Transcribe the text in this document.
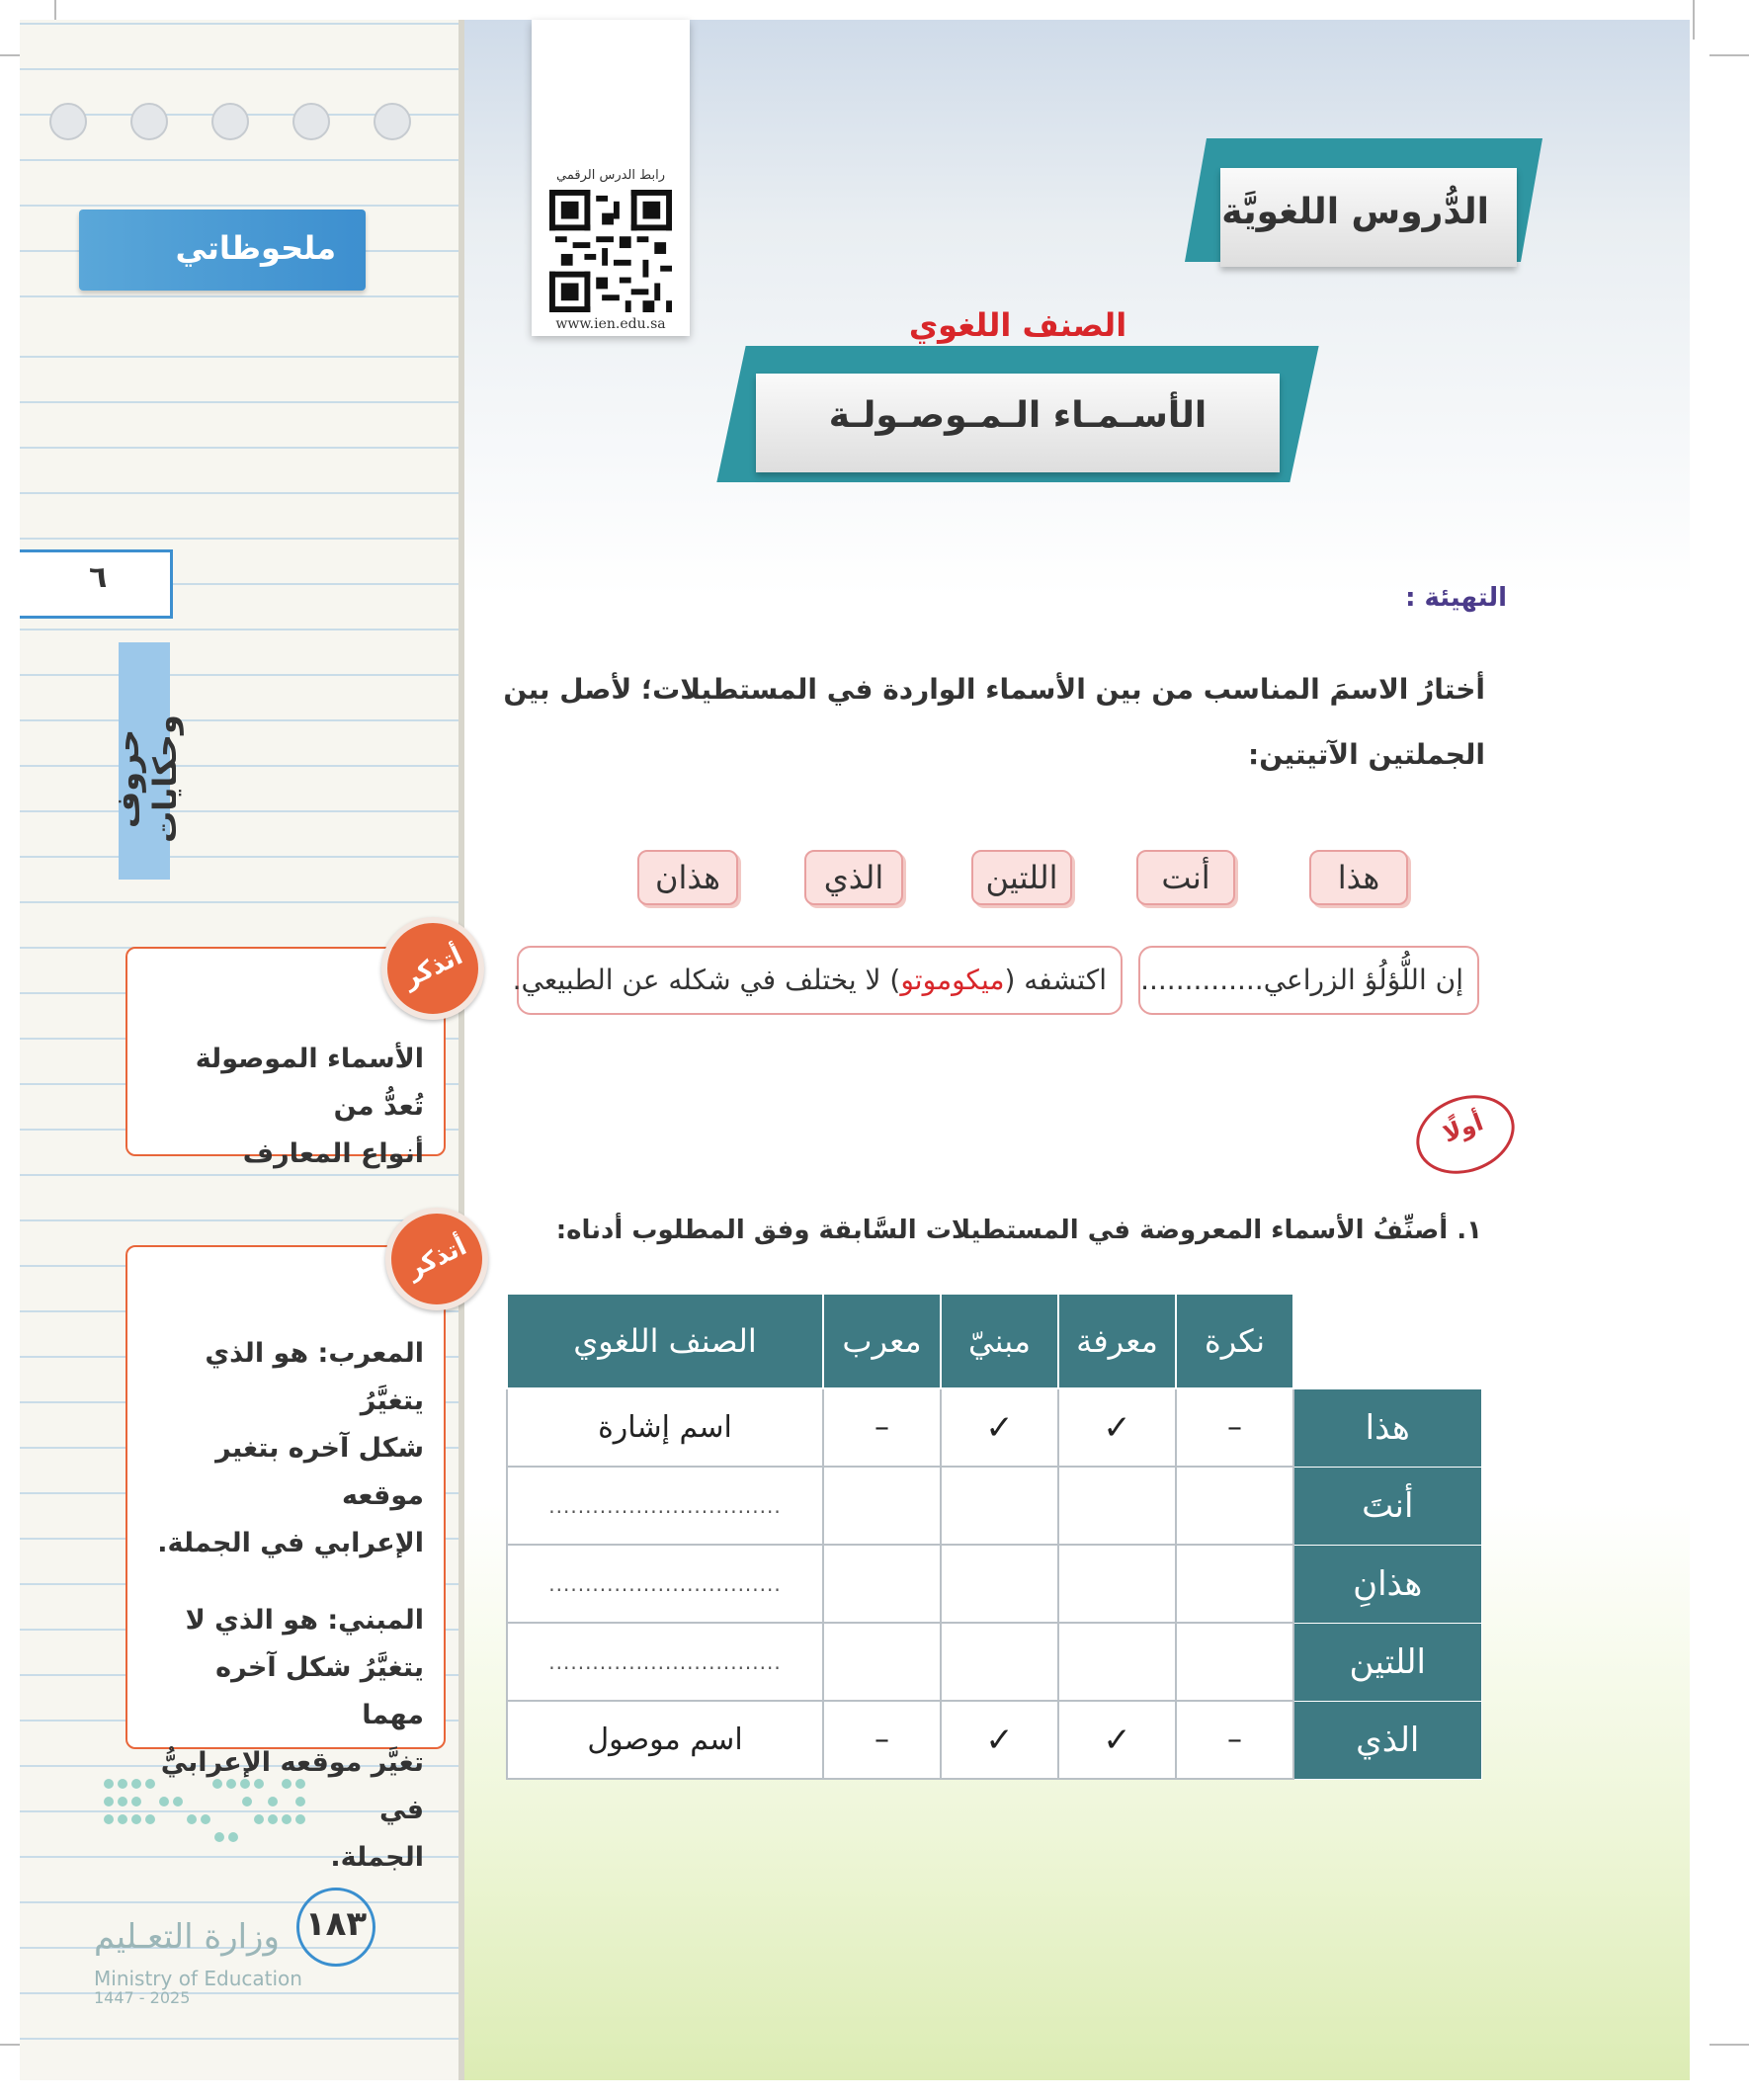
ملحوظاتي
٦
حروف وحكايات

الأسماء الموصولة تُعدُّ من

أنواع المعارف

أتذكر

المعرب: هو الذي يتغيَّرُ

شكل آخره بتغير موقعه

الإعرابي في الجملة.

المبني: هو الذي لا

يتغيَّرُ شكل آخره مهما

تغيَّر موقعه الإعرابيُّ في

الجملة.

أتذكر
وزارة التعـليم
Ministry of Education
2025 - 1447
١٨٣
رابط الدرس الرقمي
www.ien.edu.sa
الدُّروس اللغويَّة
الصنف اللغوي
الأسـمـاء الـمـوصـولـة
التهيئة :
أختارُ الاسمَ المناسب من بين الأسماء الواردة في المستطيلات؛ لأصل بين الجملتين الآتيتين:
هذا
أنت
اللتين
الذي
هذان
إن اللُّؤلُؤ الزراعي..............
اكتشفه (ميكوموتو) لا يختلف في شكله عن الطبيعي.
أولًا
١. أصنِّفُ الأسماء المعروضة في المستطيلات السَّابقة وفق المطلوب أدناه:
	نكرة	معرفة	مبنيّ	معرب	الصنف اللغوي
هذا	–	✓	✓	–	اسم إشارة
أنتَ					................................
هذانِ					................................
اللتين					................................
الذي	–	✓	✓	–	اسم موصول
